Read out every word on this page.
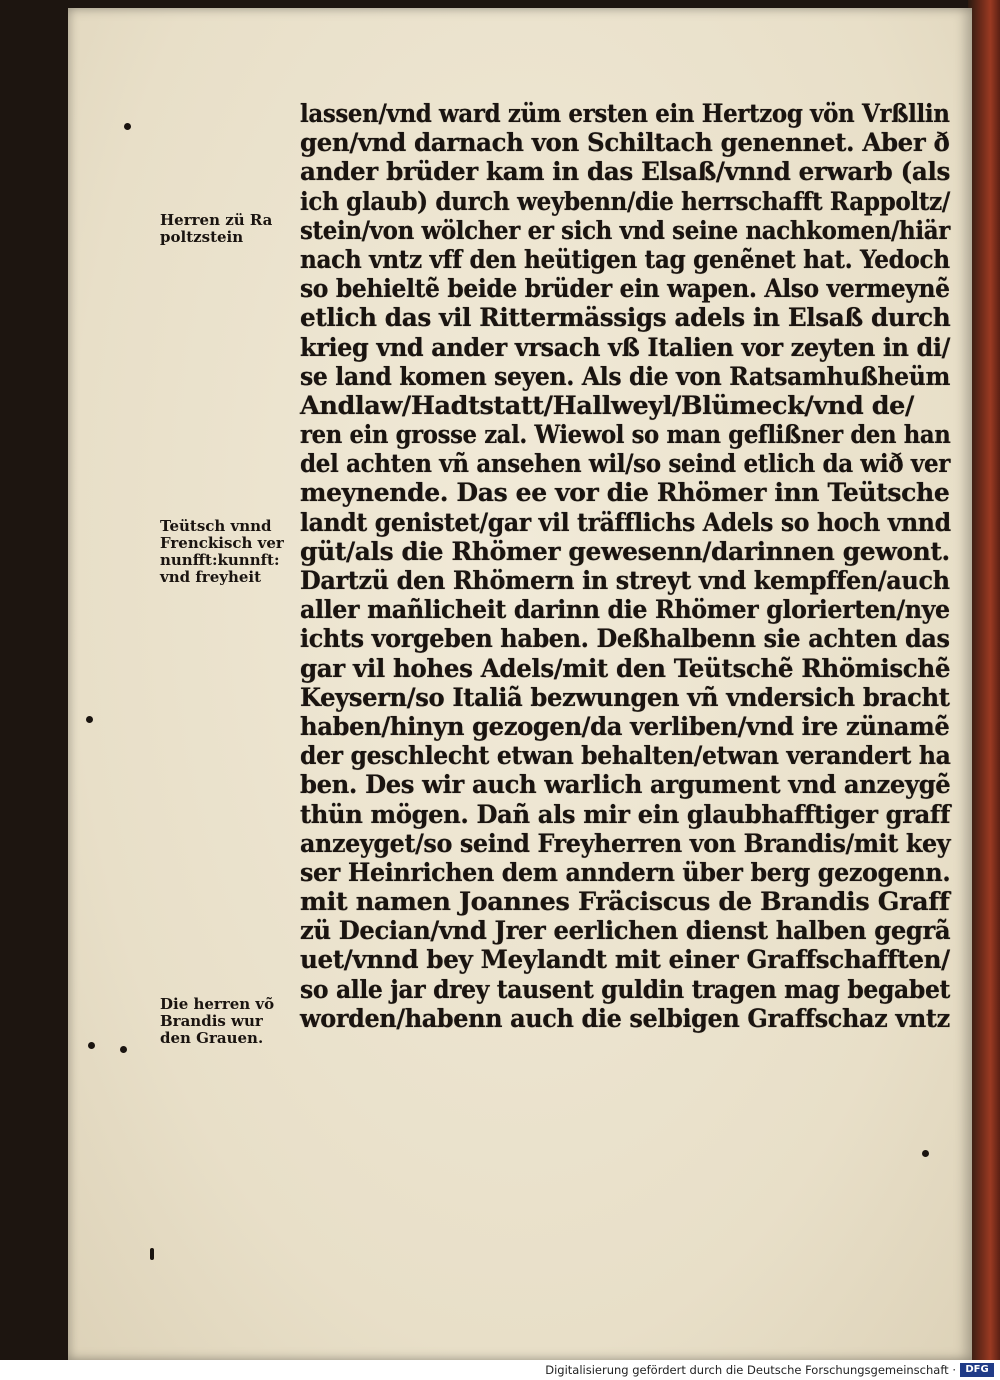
Herren zü Ra
poltzstein
Teütsch vnnd
Frenckisch ver
nunfft:kunnft:
vnd freyheit
Die herren võ
Brandis wur
den Grauen.
lassen/vnd ward züm ersten ein Hertzog vön Vrßllin
gen/vnd darnach von Schiltach genennet. Aber ð
ander brüder kam in das Elsaß/vnnd erwarb (als
ich glaub) durch weybenn/die herrschafft Rappoltz/
stein/von wölcher er sich vnd seine nachkomen/hiär
nach vntz vff den heütigen tag genẽnet hat. Yedoch
so behieltẽ beide brüder ein wapen. Also vermeynẽ
etlich das vil Rittermässigs adels in Elsaß durch
krieg vnd ander vrsach vß Italien vor zeyten in di/
se land komen seyen. Als die von Ratsamhußheüm
Andlaw/Hadtstatt/Hallweyl/Blümeck/vnd de/
ren ein grosse zal. Wiewol so man geflißner den han
del achten vñ ansehen wil/so seind etlich da wið ver
meynende. Das ee vor die Rhömer inn Teütsche
landt genistet/gar vil träfflichs Adels so hoch vnnd
güt/als die Rhömer gewesenn/darinnen gewont.
Dartzü den Rhömern in streyt vnd kempffen/auch
aller mañlicheit darinn die Rhömer glorierten/nye
ichts vorgeben haben. Deßhalbenn sie achten das
gar vil hohes Adels/mit den Teütschẽ Rhömischẽ
Keysern/so Italiã bezwungen vñ vndersich bracht
haben/hinyn gezogen/da verliben/vnd ire zünamẽ
der geschlecht etwan behalten/etwan verandert ha
ben. Des wir auch warlich argument vnd anzeygẽ
thün mögen. Dañ als mir ein glaubhafftiger graff
anzeyget/so seind Freyherren von Brandis/mit key
ser Heinrichen dem anndern über berg gezogenn.
mit namen Joannes Fräciscus de Brandis Graff
zü Decian/vnd Jrer eerlichen dienst halben gegrã
uet/vnnd bey Meylandt mit einer Graffschafften/
so alle jar drey tausent guldin tragen mag begabet
worden/habenn auch die selbigen Graffschaz vntz
Digitalisierung gefördert durch die Deutsche Forschungsgemeinschaft · DFG
